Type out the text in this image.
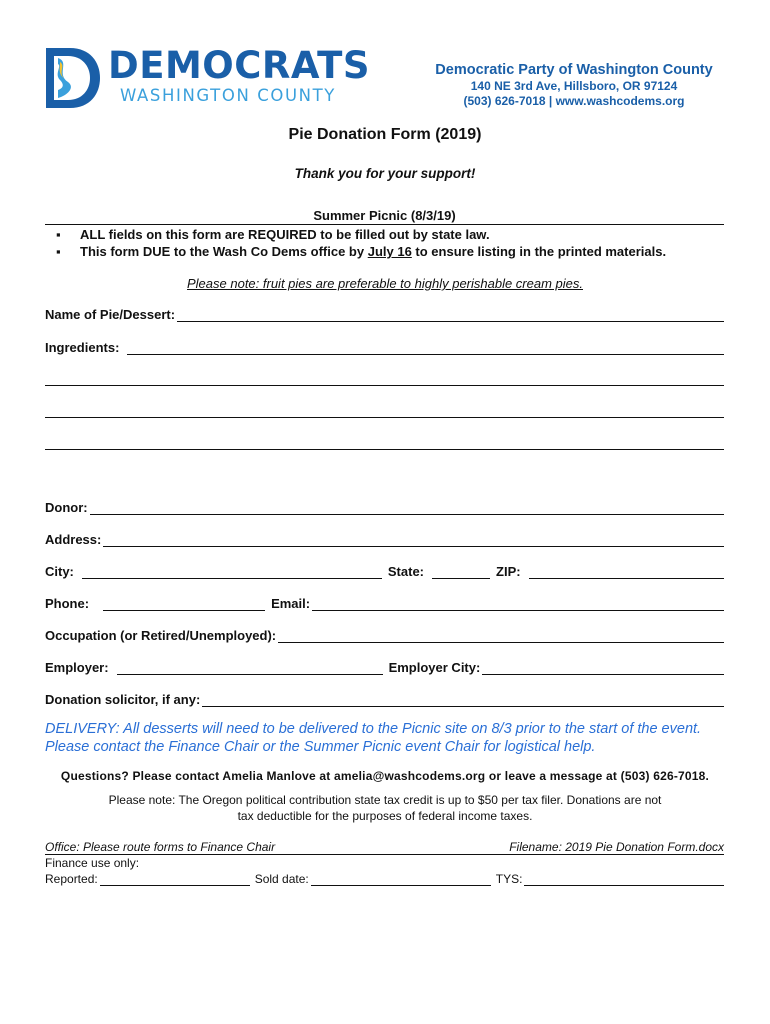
DEMOCRATS
WASHINGTON COUNTY
Democratic Party of Washington County
140 NE 3rd Ave, Hillsboro, OR 97124
(503) 626-7018 | www.washcodems.org
Pie Donation Form (2019)
Thank you for your support!
Summer Picnic (8/3/19)
▪	ALL fields on this form are REQUIRED to be filled out by state law.
▪	This form DUE to the Wash Co Dems office by July 16 to ensure listing in the printed materials.
Please note: fruit pies are preferable to highly perishable cream pies.
Name of Pie/Dessert:
Ingredients:
Donor:
Address:
City:	State:	ZIP:
Phone:	Email:
Occupation (or Retired/Unemployed):
Employer:	Employer City:
Donation solicitor, if any:
DELIVERY: All desserts will need to be delivered to the Picnic site on 8/3 prior to the start of the event. Please contact the Finance Chair or the Summer Picnic event Chair for logistical help.
Questions? Please contact Amelia Manlove at amelia@washcodems.org or leave a message at (503) 626-7018.
Please note: The Oregon political contribution state tax credit is up to $50 per tax filer. Donations are not
tax deductible for the purposes of federal income taxes.
Office: Please route forms to Finance Chair	Filename: 2019 Pie Donation Form.docx
Finance use only:
Reported:	Sold date:	TYS:
